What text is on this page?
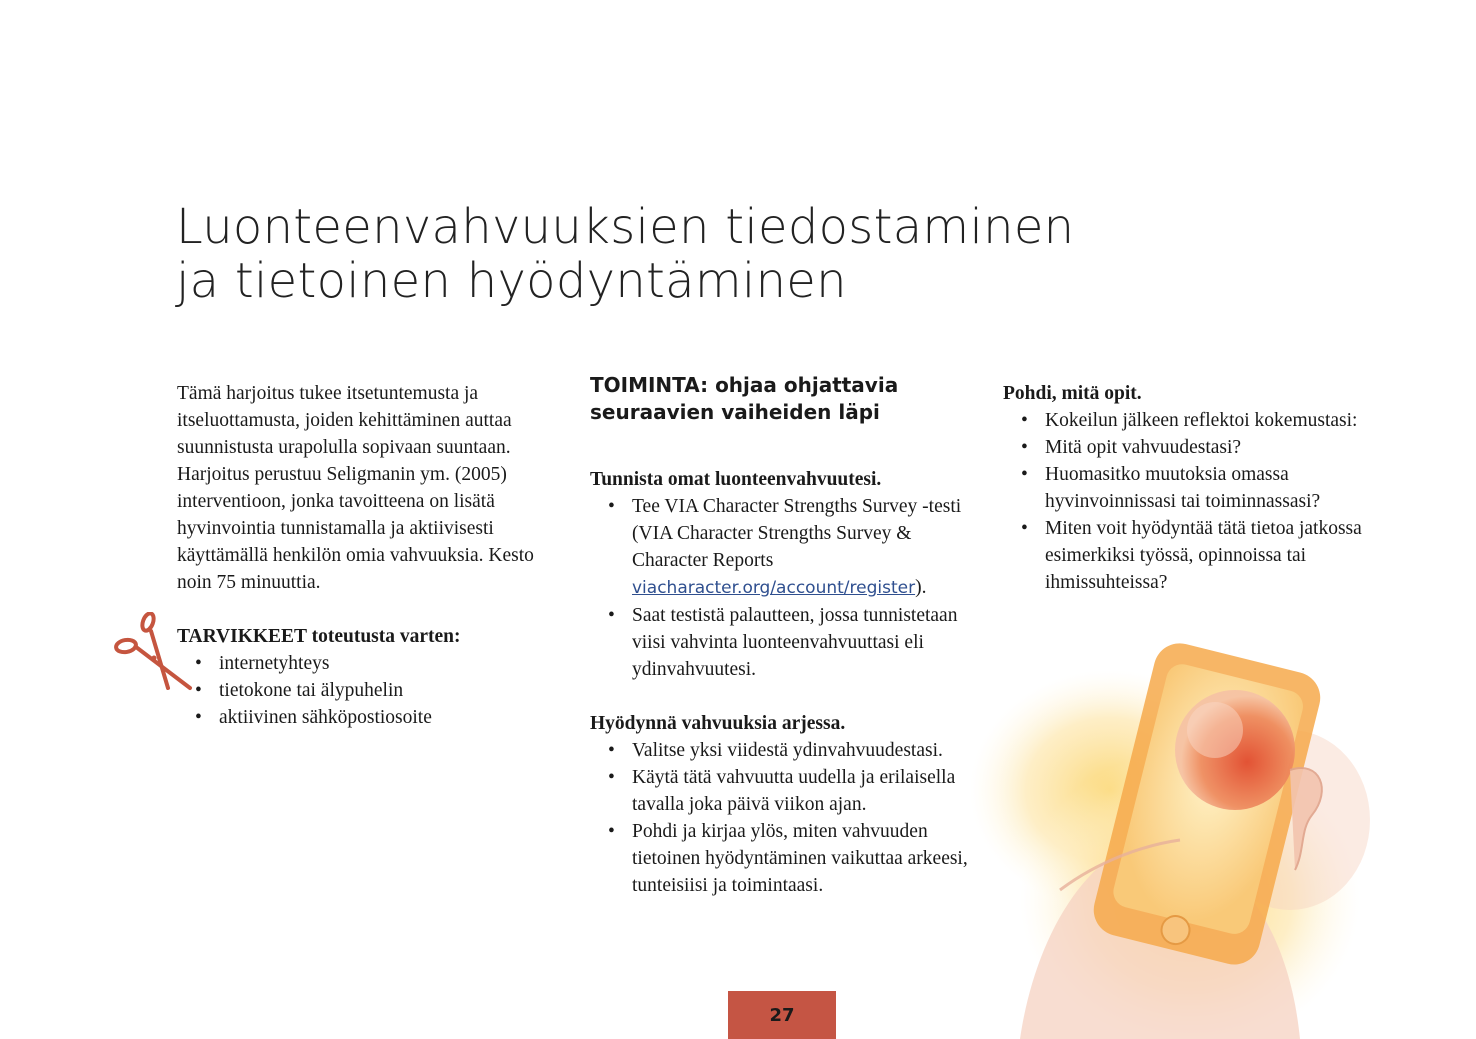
Luonteenvahvuuksien tiedostaminen
ja tietoinen hyödyntäminen

Tämä harjoitus tukee itsetuntemusta ja itseluottamusta, joiden kehittäminen auttaa suunnistusta urapolulla sopivaan suuntaan. Harjoitus perustuu Seligmanin ym. (2005) interventioon, jonka tavoitteena on lisätä hyvinvointia tunnistamalla ja aktiivisesti käyttämällä henkilön omia vahvuuksia. Kesto noin 75 minuuttia.

TARVIKKEET toteutusta varten:

• internetyhteys
• tietokone tai älypuhelin
• aktiivinen sähköpostiosoite

TOIMINTA: ohjaa ohjattavia
seuraavien vaiheiden läpi

Tunnista omat luonteenvahvuutesi.

• Tee VIA Character Strengths Survey -testi (VIA Character Strengths Survey & Character Reports viacharacter.org/account/register).
• Saat testistä palautteen, jossa tunnistetaan viisi vahvinta luonteenvahvuuttasi eli ydinvahvuutesi.

Hyödynnä vahvuuksia arjessa.

• Valitse yksi viidestä ydinvahvuudestasi.
• Käytä tätä vahvuutta uudella ja erilaisella tavalla joka päivä viikon ajan.
• Pohdi ja kirjaa ylös, miten vahvuuden tietoinen hyödyntäminen vaikuttaa arkeesi, tunteisiisi ja toimintaasi.

Pohdi, mitä opit.

• Kokeilun jälkeen reflektoi kokemustasi:
• Mitä opit vahvuudestasi?
• Huomasitko muutoksia omassa hyvinvoinnissasi tai toiminnassasi?
• Miten voit hyödyntää tätä tietoa jatkossa esimerkiksi työssä, opinnoissa tai ihmissuhteissa?
27
